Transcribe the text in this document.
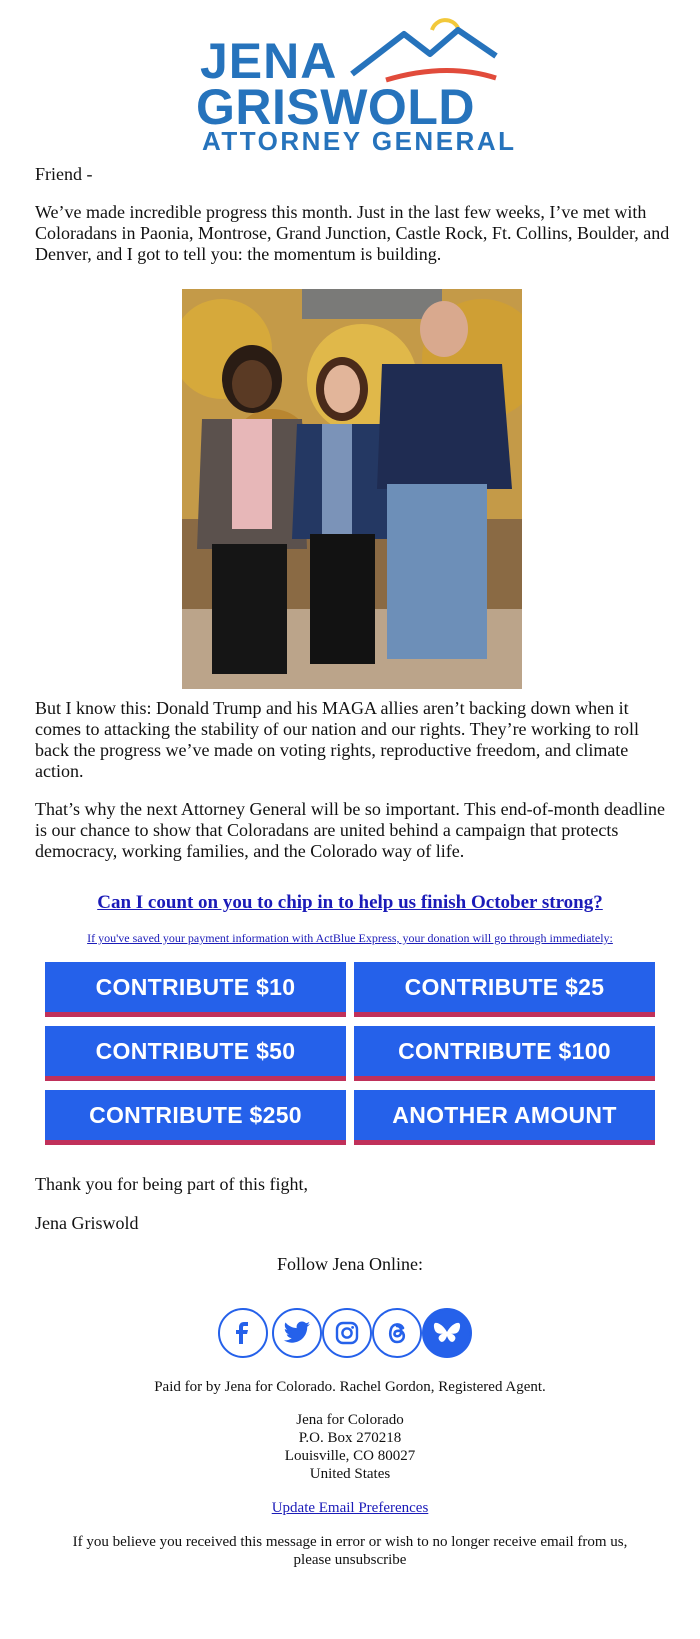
JENA
GRISWOLD
ATTORNEY GENERAL

Friend -

We’ve made incredible progress this month. Just in the last few weeks, I’ve met with Coloradans in Paonia, Montrose, Grand Junction, Castle Rock, Ft. Collins, Boulder, and Denver, and I got to tell you: the momentum is building.

But I know this: Donald Trump and his MAGA allies aren’t backing down when it comes to attacking the stability of our nation and our rights. They’re working to roll back the progress we’ve made on voting rights, reproductive freedom, and climate action.

That’s why the next Attorney General will be so important. This end-of-month deadline is our chance to show that Coloradans are united behind a campaign that protects democracy, working families, and the Colorado way of life.

Can I count on you to chip in to help us finish October strong?
If you've saved your payment information with ActBlue Express, your donation will go through immediately:
CONTRIBUTE $10	CONTRIBUTE $25
CONTRIBUTE $50	CONTRIBUTE $100
CONTRIBUTE $250	ANOTHER AMOUNT

Thank you for being part of this fight,

Jena Griswold

Follow Jena Online:
Paid for by Jena for Colorado. Rachel Gordon, Registered Agent.
Jena for Colorado
P.O. Box 270218
Louisville, CO 80027
United States
Update Email Preferences
If you believe you received this message in error or wish to no longer receive email from us,
please unsubscribe
